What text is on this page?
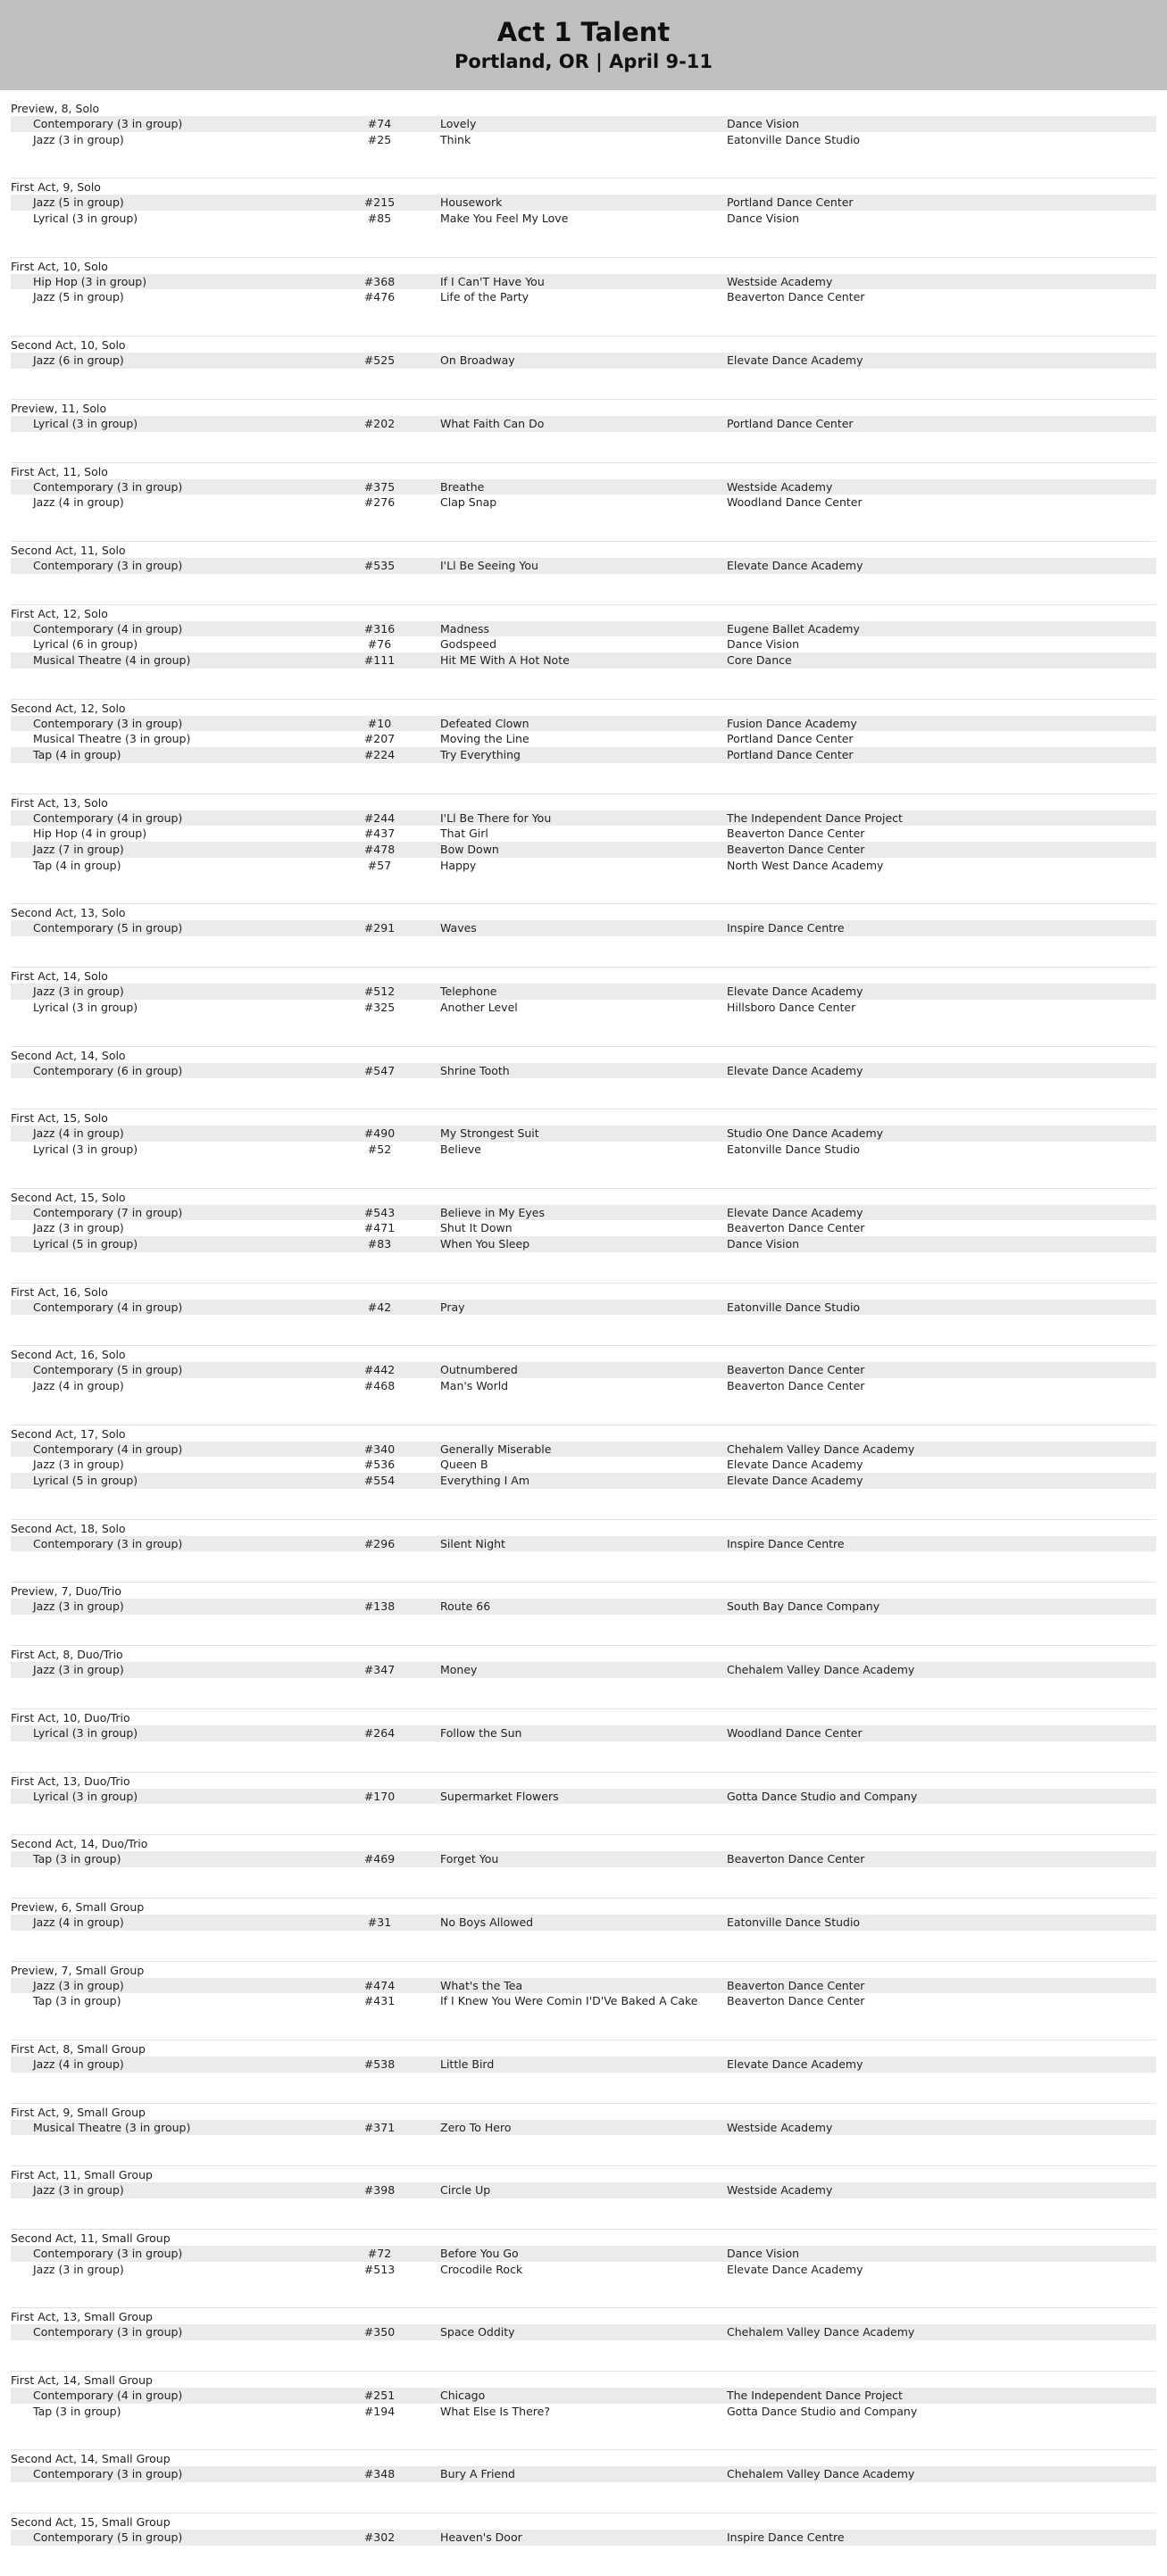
Act 1 Talent
Portland, OR | April 9-11
Preview, 8, Solo
Contemporary (3 in group)	#74	Lovely	Dance Vision
Jazz (3 in group)	#25	Think	Eatonville Dance Studio
First Act, 9, Solo
Jazz (5 in group)	#215	Housework	Portland Dance Center
Lyrical (3 in group)	#85	Make You Feel My Love	Dance Vision
First Act, 10, Solo
Hip Hop (3 in group)	#368	If I Can'T Have You	Westside Academy
Jazz (5 in group)	#476	Life of the Party	Beaverton Dance Center
Second Act, 10, Solo
Jazz (6 in group)	#525	On Broadway	Elevate Dance Academy
Preview, 11, Solo
Lyrical (3 in group)	#202	What Faith Can Do	Portland Dance Center
First Act, 11, Solo
Contemporary (3 in group)	#375	Breathe	Westside Academy
Jazz (4 in group)	#276	Clap Snap	Woodland Dance Center
Second Act, 11, Solo
Contemporary (3 in group)	#535	I'Ll Be Seeing You	Elevate Dance Academy
First Act, 12, Solo
Contemporary (4 in group)	#316	Madness	Eugene Ballet Academy
Lyrical (6 in group)	#76	Godspeed	Dance Vision
Musical Theatre (4 in group)	#111	Hit ME With A Hot Note	Core Dance
Second Act, 12, Solo
Contemporary (3 in group)	#10	Defeated Clown	Fusion Dance Academy
Musical Theatre (3 in group)	#207	Moving the Line	Portland Dance Center
Tap (4 in group)	#224	Try Everything	Portland Dance Center
First Act, 13, Solo
Contemporary (4 in group)	#244	I'Ll Be There for You	The Independent Dance Project
Hip Hop (4 in group)	#437	That Girl	Beaverton Dance Center
Jazz (7 in group)	#478	Bow Down	Beaverton Dance Center
Tap (4 in group)	#57	Happy	North West Dance Academy
Second Act, 13, Solo
Contemporary (5 in group)	#291	Waves	Inspire Dance Centre
First Act, 14, Solo
Jazz (3 in group)	#512	Telephone	Elevate Dance Academy
Lyrical (3 in group)	#325	Another Level	Hillsboro Dance Center
Second Act, 14, Solo
Contemporary (6 in group)	#547	Shrine Tooth	Elevate Dance Academy
First Act, 15, Solo
Jazz (4 in group)	#490	My Strongest Suit	Studio One Dance Academy
Lyrical (3 in group)	#52	Believe	Eatonville Dance Studio
Second Act, 15, Solo
Contemporary (7 in group)	#543	Believe in My Eyes	Elevate Dance Academy
Jazz (3 in group)	#471	Shut It Down	Beaverton Dance Center
Lyrical (5 in group)	#83	When You Sleep	Dance Vision
First Act, 16, Solo
Contemporary (4 in group)	#42	Pray	Eatonville Dance Studio
Second Act, 16, Solo
Contemporary (5 in group)	#442	Outnumbered	Beaverton Dance Center
Jazz (4 in group)	#468	Man's World	Beaverton Dance Center
Second Act, 17, Solo
Contemporary (4 in group)	#340	Generally Miserable	Chehalem Valley Dance Academy
Jazz (3 in group)	#536	Queen B	Elevate Dance Academy
Lyrical (5 in group)	#554	Everything I Am	Elevate Dance Academy
Second Act, 18, Solo
Contemporary (3 in group)	#296	Silent Night	Inspire Dance Centre
Preview, 7, Duo/Trio
Jazz (3 in group)	#138	Route 66	South Bay Dance Company
First Act, 8, Duo/Trio
Jazz (3 in group)	#347	Money	Chehalem Valley Dance Academy
First Act, 10, Duo/Trio
Lyrical (3 in group)	#264	Follow the Sun	Woodland Dance Center
First Act, 13, Duo/Trio
Lyrical (3 in group)	#170	Supermarket Flowers	Gotta Dance Studio and Company
Second Act, 14, Duo/Trio
Tap (3 in group)	#469	Forget You	Beaverton Dance Center
Preview, 6, Small Group
Jazz (4 in group)	#31	No Boys Allowed	Eatonville Dance Studio
Preview, 7, Small Group
Jazz (3 in group)	#474	What's the Tea	Beaverton Dance Center
Tap (3 in group)	#431	If I Knew You Were Comin I'D'Ve Baked A Cake	Beaverton Dance Center
First Act, 8, Small Group
Jazz (4 in group)	#538	Little Bird	Elevate Dance Academy
First Act, 9, Small Group
Musical Theatre (3 in group)	#371	Zero To Hero	Westside Academy
First Act, 11, Small Group
Jazz (3 in group)	#398	Circle Up	Westside Academy
Second Act, 11, Small Group
Contemporary (3 in group)	#72	Before You Go	Dance Vision
Jazz (3 in group)	#513	Crocodile Rock	Elevate Dance Academy
First Act, 13, Small Group
Contemporary (3 in group)	#350	Space Oddity	Chehalem Valley Dance Academy
First Act, 14, Small Group
Contemporary (4 in group)	#251	Chicago	The Independent Dance Project
Tap (3 in group)	#194	What Else Is There?	Gotta Dance Studio and Company
Second Act, 14, Small Group
Contemporary (3 in group)	#348	Bury A Friend	Chehalem Valley Dance Academy
Second Act, 15, Small Group
Contemporary (5 in group)	#302	Heaven's Door	Inspire Dance Centre
